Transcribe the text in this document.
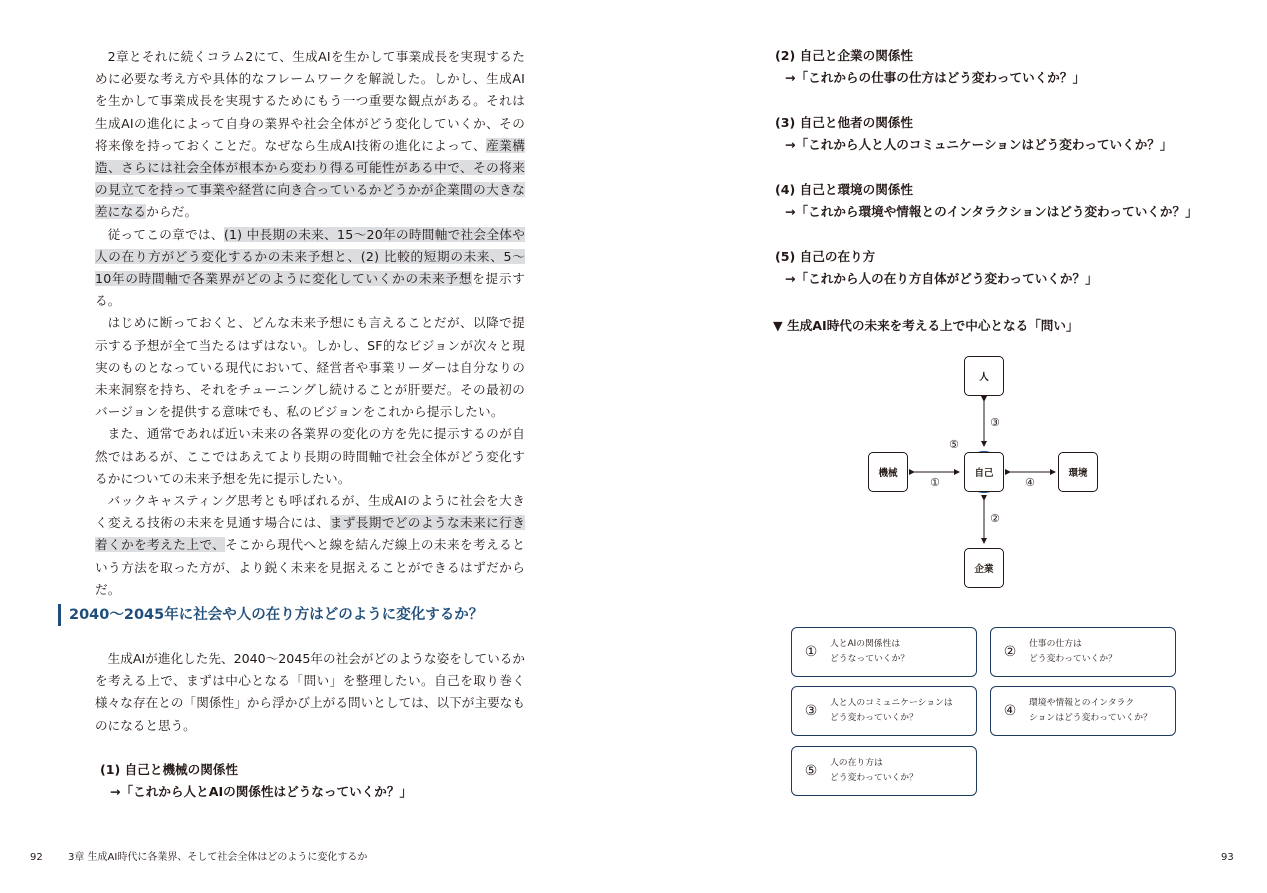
2章とそれに続くコラム2にて、生成AIを生かして事業成長を実現するために必要な考え方や具体的なフレームワークを解説した。しかし、生成AIを生かして事業成長を実現するためにもう一つ重要な観点がある。それは生成AIの進化によって自身の業界や社会全体がどう変化していくか、その将来像を持っておくことだ。なぜなら生成AI技術の進化によって、産業構造、さらには社会全体が根本から変わり得る可能性がある中で、その将来の見立てを持って事業や経営に向き合っているかどうかが企業間の大きな差になるからだ。

従ってこの章では、(1) 中長期の未来、15～20年の時間軸で社会全体や人の在り方がどう変化するかの未来予想と、(2) 比較的短期の未来、5～10年の時間軸で各業界がどのように変化していくかの未来予想を提示する。

はじめに断っておくと、どんな未来予想にも言えることだが、以降で提示する予想が全て当たるはずはない。しかし、SF的なビジョンが次々と現実のものとなっている現代において、経営者や事業リーダーは自分なりの未来洞察を持ち、それをチューニングし続けることが肝要だ。その最初のバージョンを提供する意味でも、私のビジョンをこれから提示したい。

また、通常であれば近い未来の各業界の変化の方を先に提示するのが自然ではあるが、ここではあえてより長期の時間軸で社会全体がどう変化するかについての未来予想を先に提示したい。

バックキャスティング思考とも呼ばれるが、生成AIのように社会を大きく変える技術の未来を見通す場合には、まず長期でどのような未来に行き着くかを考えた上で、そこから現代へと線を結んだ線上の未来を考えるという方法を取った方が、より鋭く未来を見据えることができるはずだからだ。

2040～2045年に社会や人の在り方はどのように変化するか？

生成AIが進化した先、2040～2045年の社会がどのような姿をしているかを考える上で、まずは中心となる「問い」を整理したい。自己を取り巻く様々な存在との「関係性」から浮かび上がる問いとしては、以下が主要なものになると思う。

(1) 自己と機械の関係性
→「これから人とAIの関係性はどうなっていくか？」
92	3章 生成AI時代に各業界、そして社会全体はどのように変化するか
(2) 自己と企業の関係性
→「これからの仕事の仕方はどう変わっていくか？」
(3) 自己と他者の関係性
→「これから人と人のコミュニケーションはどう変わっていくか？」
(4) 自己と環境の関係性
→「これから環境や情報とのインタラクションはどう変わっていくか？」
(5) 自己の在り方
→「これから人の在り方自体がどう変わっていくか？」
▼ 生成AI時代の未来を考える上で中心となる「問い」
人
自己
機械	環境
企業
③
②
①	④
⑤
①	人とAIの関係性は
どうなっていくか？	②	仕事の仕方は
どう変わっていくか？
③	人と人のコミュニケーションは
どう変わっていくか？	④	環境や情報とのインタラク
ションはどう変わっていくか？
⑤	人の在り方は
どう変わっていくか？
93
